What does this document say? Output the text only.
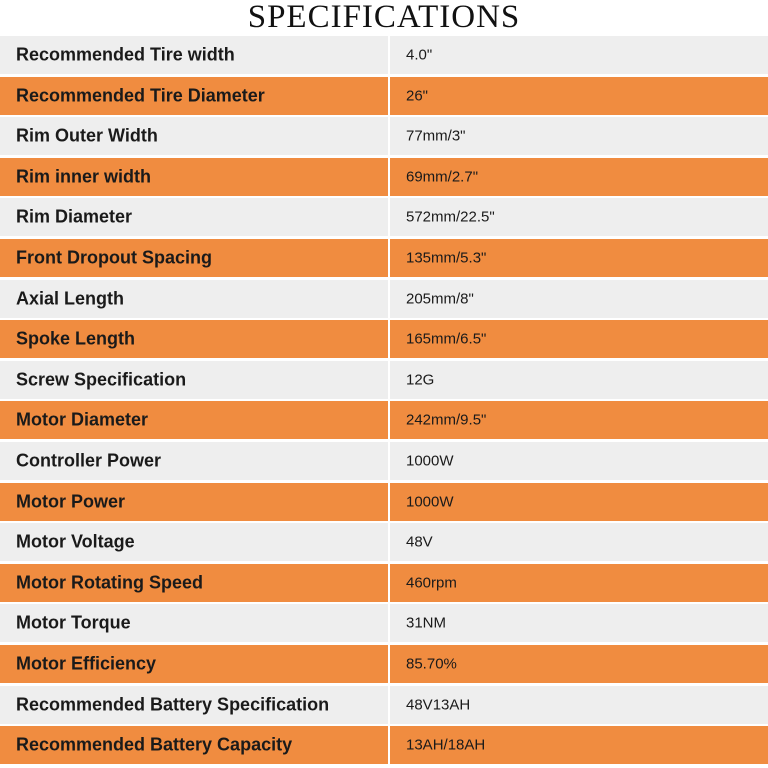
SPECIFICATIONS
Recommended Tire width	4.0"
Recommended Tire Diameter	26"
Rim Outer Width	77mm/3"
Rim inner width	69mm/2.7"
Rim Diameter	572mm/22.5"
Front Dropout Spacing	135mm/5.3"
Axial Length	205mm/8"
Spoke Length	165mm/6.5"
Screw Specification	12G
Motor Diameter	242mm/9.5"
Controller Power	1000W
Motor Power	1000W
Motor Voltage	48V
Motor Rotating Speed	460rpm
Motor Torque	31NM
Motor Efficiency	85.70%
Recommended Battery Specification	48V13AH
Recommended Battery Capacity	13AH/18AH
